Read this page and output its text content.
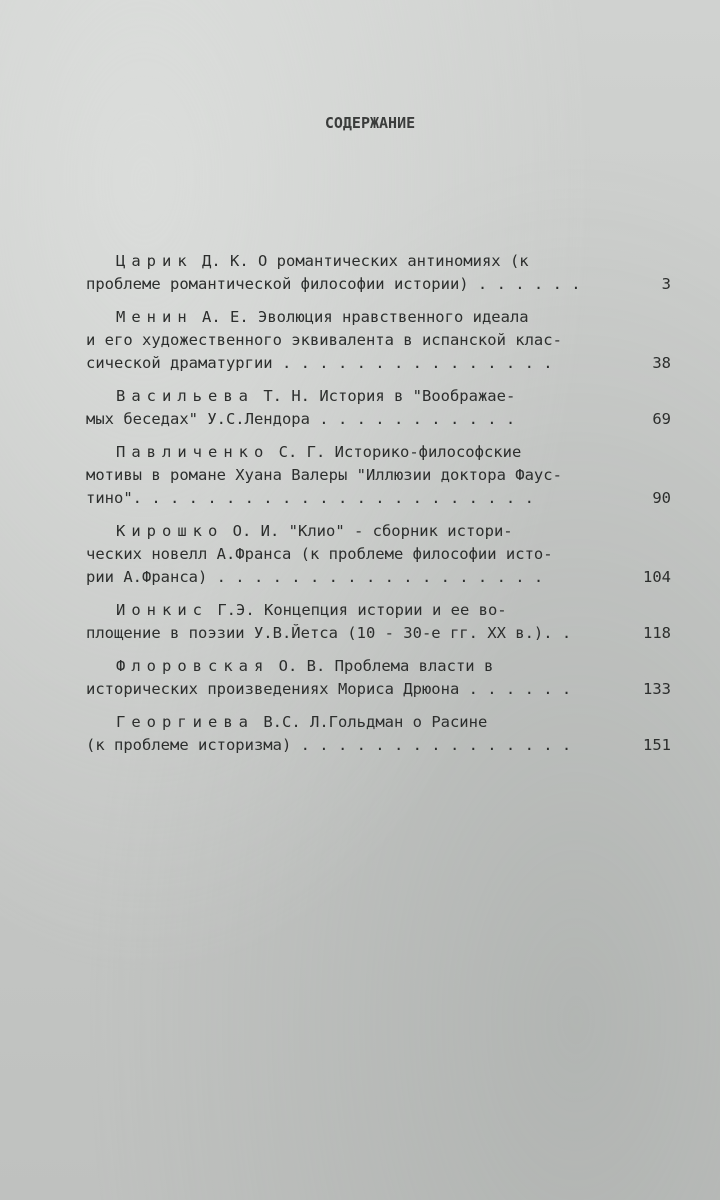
СОДЕРЖАНИЕ
Царик Д. К. О романтических антиномиях (к
проблеме романтической философии истории) . . . . . .	3
Менин А. Е. Эволюция нравственного идеала
и его художественного эквивалента в испанской клас-
сической драматургии . . . . . . . . . . . . . . .	38
Васильева Т. Н. История в "Воображае-
мых беседах" У.С.Лендора . . . . . . . . . . .	69
Павличенко С. Г. Историко-философские
мотивы в романе Хуана Валеры "Иллюзии доктора Фаус-
тино". . . . . . . . . . . . . . . . . . . . . .	90
Кирошко О. И. "Клио" - сборник истори-
ческих новелл А.Франса (к проблеме философии исто-
рии А.Франса) . . . . . . . . . . . . . . . . . .	104
Ионкис Г.Э. Концепция истории и ее во-
площение в поэзии У.В.Йетса (10 - 30-е гг. XX в.). .	118
Флоровская О. В. Проблема власти в
исторических произведениях Мориса Дрюона . . . . . .	133
Георгиева В.С. Л.Гольдман о Расине
(к проблеме историзма) . . . . . . . . . . . . . . .	151
